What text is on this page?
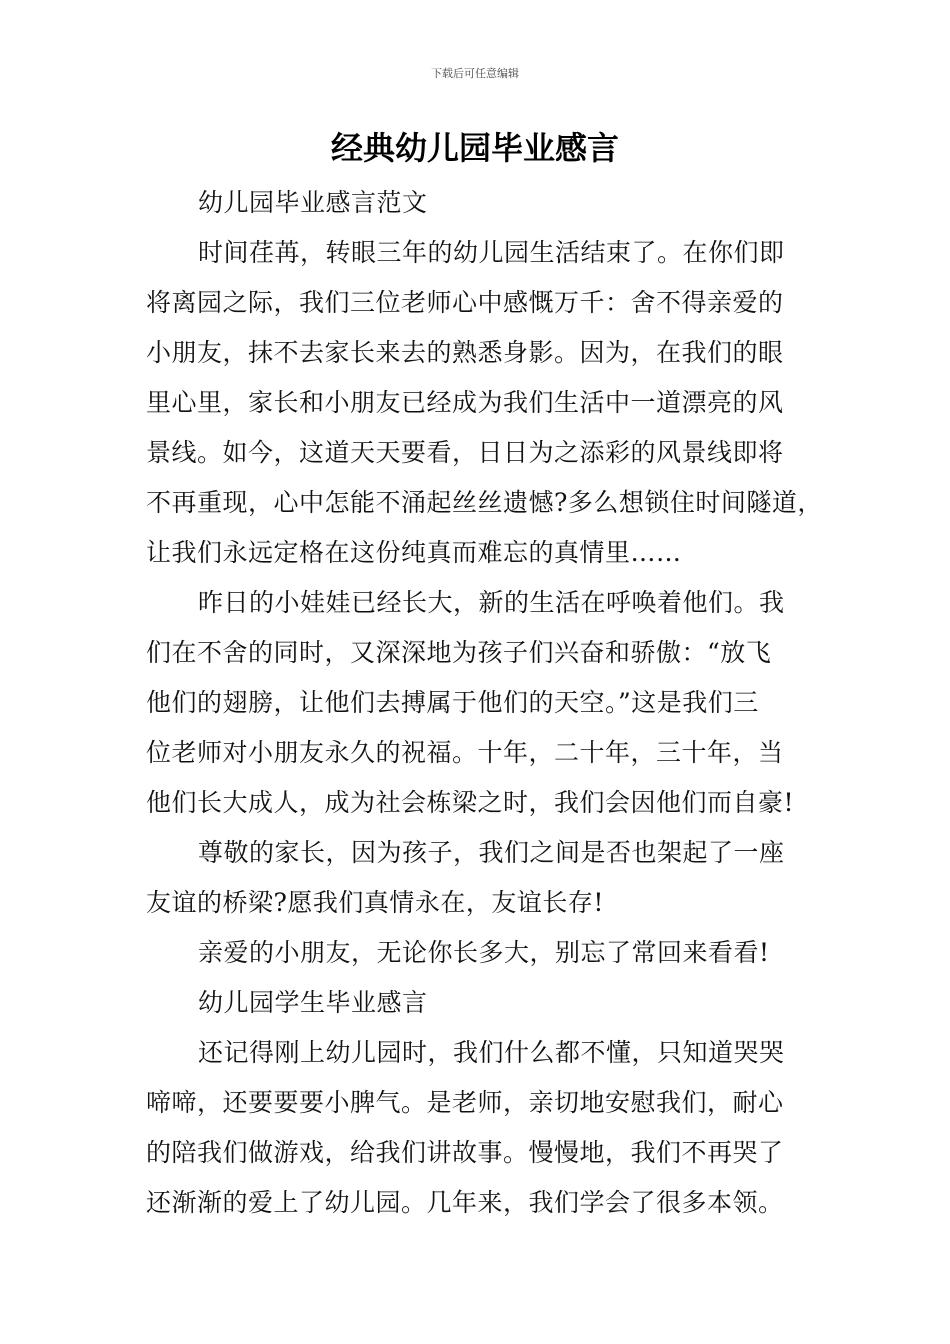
下载后可任意编辑
经典幼儿园毕业感言
幼儿园毕业感言范文
时间荏苒，转眼三年的幼儿园生活结束了。在你们即
将离园之际，我们三位老师心中感慨万千：舍不得亲爱的
小朋友，抹不去家长来去的熟悉身影。因为，在我们的眼
里心里，家长和小朋友已经成为我们生活中一道漂亮的风
景线。如今，这道天天要看，日日为之添彩的风景线即将
不再重现，心中怎能不涌起丝丝遗憾?多么想锁住时间隧道，
让我们永远定格在这份纯真而难忘的真情里……
昨日的小娃娃已经长大，新的生活在呼唤着他们。我
们在不舍的同时，又深深地为孩子们兴奋和骄傲：“放飞
他们的翅膀，让他们去搏属于他们的天空。”这是我们三
位老师对小朋友永久的祝福。十年，二十年，三十年，当
他们长大成人，成为社会栋梁之时，我们会因他们而自豪!
尊敬的家长，因为孩子，我们之间是否也架起了一座
友谊的桥梁?愿我们真情永在，友谊长存!
亲爱的小朋友，无论你长多大，别忘了常回来看看!
幼儿园学生毕业感言
还记得刚上幼儿园时，我们什么都不懂，只知道哭哭
啼啼，还要要要小脾气。是老师，亲切地安慰我们，耐心
的陪我们做游戏，给我们讲故事。慢慢地，我们不再哭了
还渐渐的爱上了幼儿园。几年来，我们学会了很多本领。
